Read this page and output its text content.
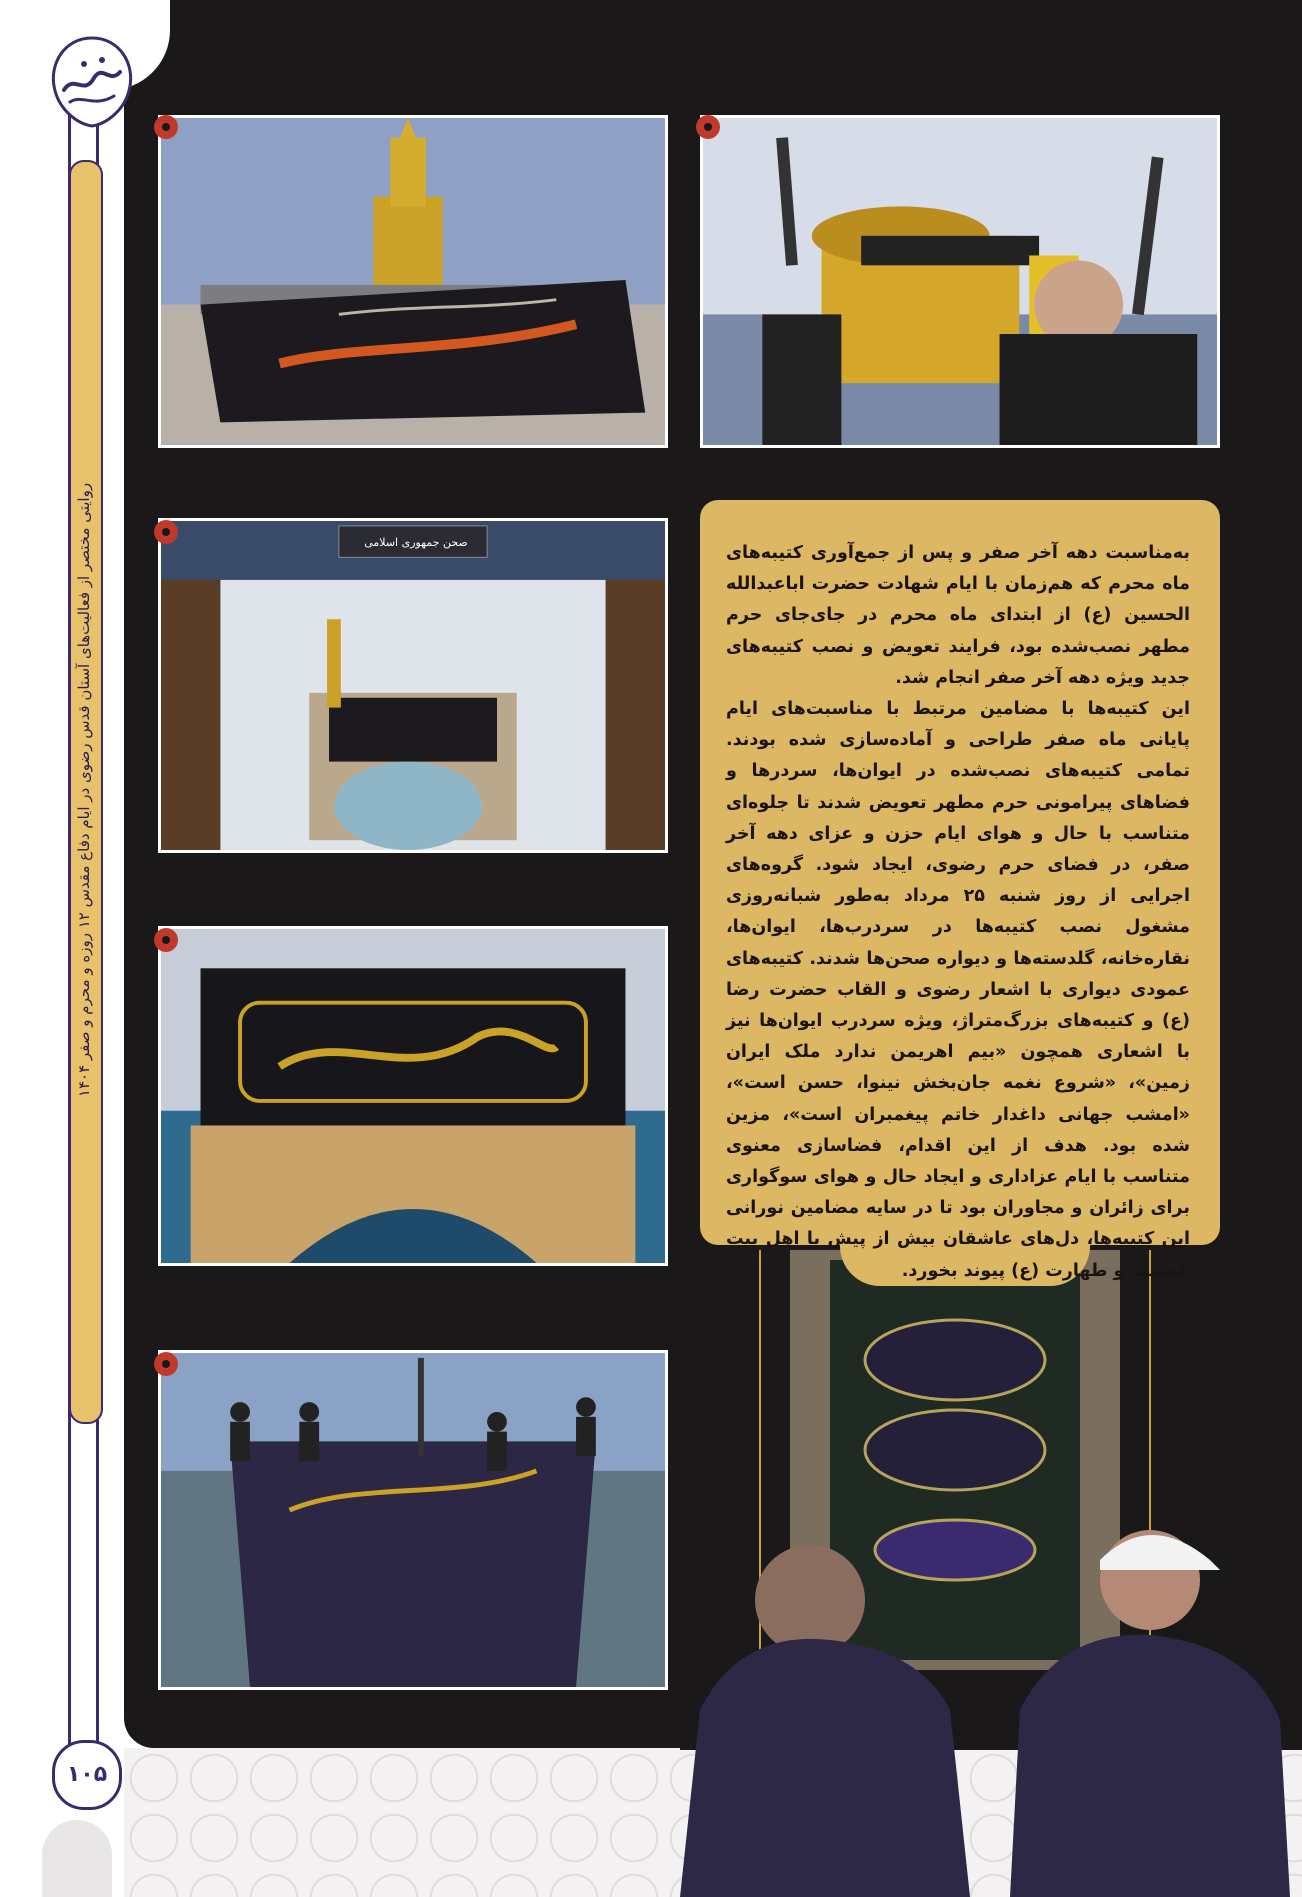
روایتی مختصر از فعالیت‌های آستان قدس رضوی در ایام دفاع مقدس ۱۲ روزه و محرم و صفر ۱۴۰۴
۱۰۵
صحن جمهوری اسلامی

به‌مناسبت دهه آخر صفر و پس از جمع‌آوری کتیبه‌های ماه محرم که هم‌زمان با ایام شهادت حضرت اباعبدالله الحسین (ع) از ابتدای ماه محرم در جای‌جای حرم مطهر نصب‌شده بود، فرایند تعویض و نصب کتیبه‌های جدید ویژه دهه آخر صفر انجام شد.

این کتیبه‌ها با مضامین مرتبط با مناسبت‌های ایام پایانی ماه صفر طراحی و آماده‌سازی شده بودند. تمامی کتیبه‌های نصب‌شده در ایوان‌ها، سردرها و فضاهای پیرامونی حرم مطهر تعویض شدند تا جلوه‌ای متناسب با حال و هوای ایام حزن و عزای دهه آخر صفر، در فضای حرم رضوی، ایجاد شود. گروه‌های اجرایی از روز شنبه ۲۵ مرداد به‌طور شبانه‌روزی مشغول نصب کتیبه‌ها در سردرب‌ها، ایوان‌ها، نقاره‌خانه، گلدسته‌ها و دیواره صحن‌ها شدند. کتیبه‌های عمودی دیواری با اشعار رضوی و القاب حضرت رضا (ع) و کتیبه‌های بزرگ‌متراژ، ویژه سردرب ایوان‌ها نیز با اشعاری همچون «بیم اهریمن ندارد ملک ایران زمین»، «شروع نغمه جان‌بخش نینوا، حسن است»، «امشب جهانی داغدار خاتم پیغمبران است»، مزین شده بود. هدف از این اقدام، فضاسازی معنوی متناسب با ایام عزاداری و ایجاد حال و هوای سوگواری برای زائران و مجاوران بود تا در سایه مضامین نورانی این کتیبه‌ها، دل‌های عاشقان بیش از پیش با اهل بیت عصمت و طهارت (ع) پیوند بخورد.
